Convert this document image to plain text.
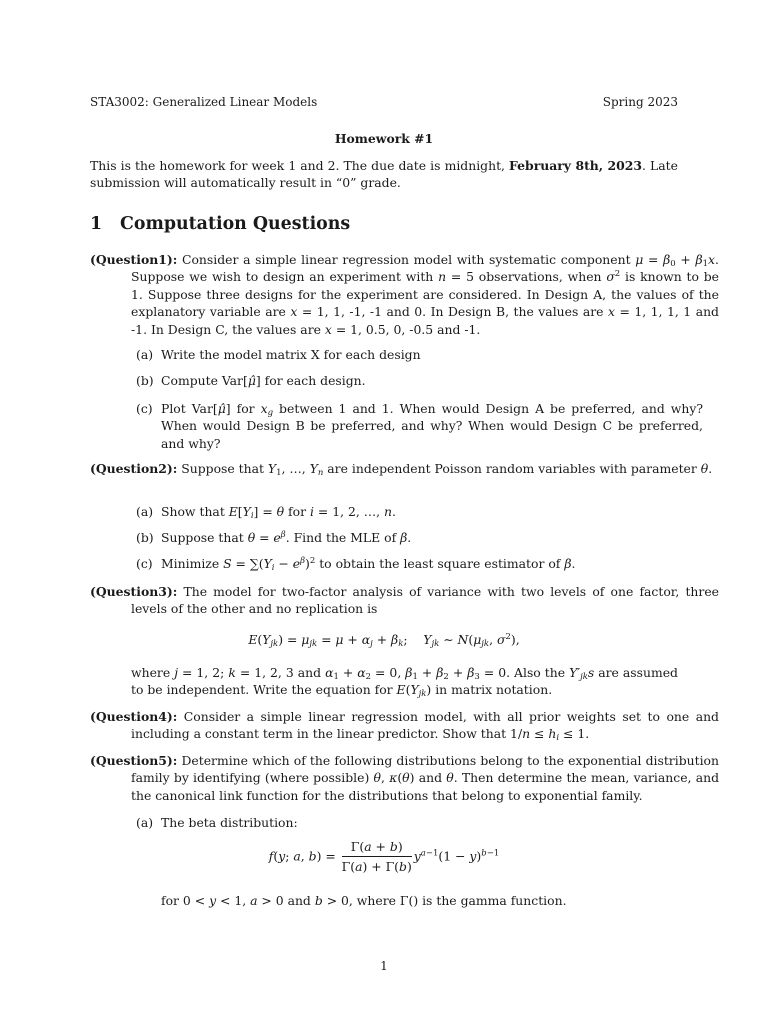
STA3002: Generalized Linear Models	Spring 2023
Homework #1
This is the homework for week 1 and 2. The due date is midnight, February 8th, 2023. Late submission will automatically result in “0” grade.
1 Computation Questions
(Question1): Consider a simple linear regression model with systematic component $\mu = \beta_0 + \beta_1x$. Suppose we wish to design an experiment with n = 5 observations, when $\sigma^2$ is known to be 1. Suppose three designs for the experiment are considered. In Design A, the values of the explanatory variable are x = 1, 1, -1, -1 and 0. In Design B, the values are x = 1, 1, 1, 1 and -1. In Design C, the values are x = 1, 0.5, 0, -0.5 and -1.
(a) Write the model matrix X for each design
(b) Compute Var[μ̂] for each design.
(c) Plot Var[μ̂] for $x_g$ between 1 and 1. When would Design A be preferred, and why? When would Design B be preferred, and why? When would Design C be preferred, and why?
(Question2): Suppose that $Y_1$, …, $Y_n$ are independent Poisson random variables with parameter θ.
(a) Show that $E[Y_i] = \theta$ for i = 1, 2, …, n.
(b) Suppose that $\theta = e^\beta$. Find the MLE of β.
(c) Minimize $S = \sum(Y_i - e^\beta)^2$ to obtain the least square estimator of β.
(Question3): The model for two-factor analysis of variance with two levels of one factor, three levels of the other and no replication is
$E(Y_{jk}) = \mu_{jk} = \mu + \alpha_j + \beta_k$;    $Y_{jk}$ ∼ $N(\mu_{jk}$, $\sigma^2$),
where j = 1, 2; k = 1, 2, 3 and $\alpha_1 + \alpha_2 = 0$, $\beta_1 + \beta_2 + \beta_3 = 0$. Also the $Y'_{jk}s$ are assumed to be independent. Write the equation for $E(Y_{jk})$ in matrix notation.
(Question4): Consider a simple linear regression model, with all prior weights set to one and including a constant term in the linear predictor. Show that $1/n \le h_i \le 1$.
(Question5): Determine which of the following distributions belong to the exponential distribution family by identifying (where possible) θ, κ(θ) and θ. Then determine the mean, variance, and the canonical link function for the distributions that belong to exponential family.
(a) The beta distribution:
f(y; a, $b) = \frac{\Gamma(a + b)}{\Gamma(a) + \Gamma(b)} y^{a-1}(1 - y)^{b-1}$
for 0 < y < 1, a > 0 and b > 0, where Γ() is the gamma function.
1
